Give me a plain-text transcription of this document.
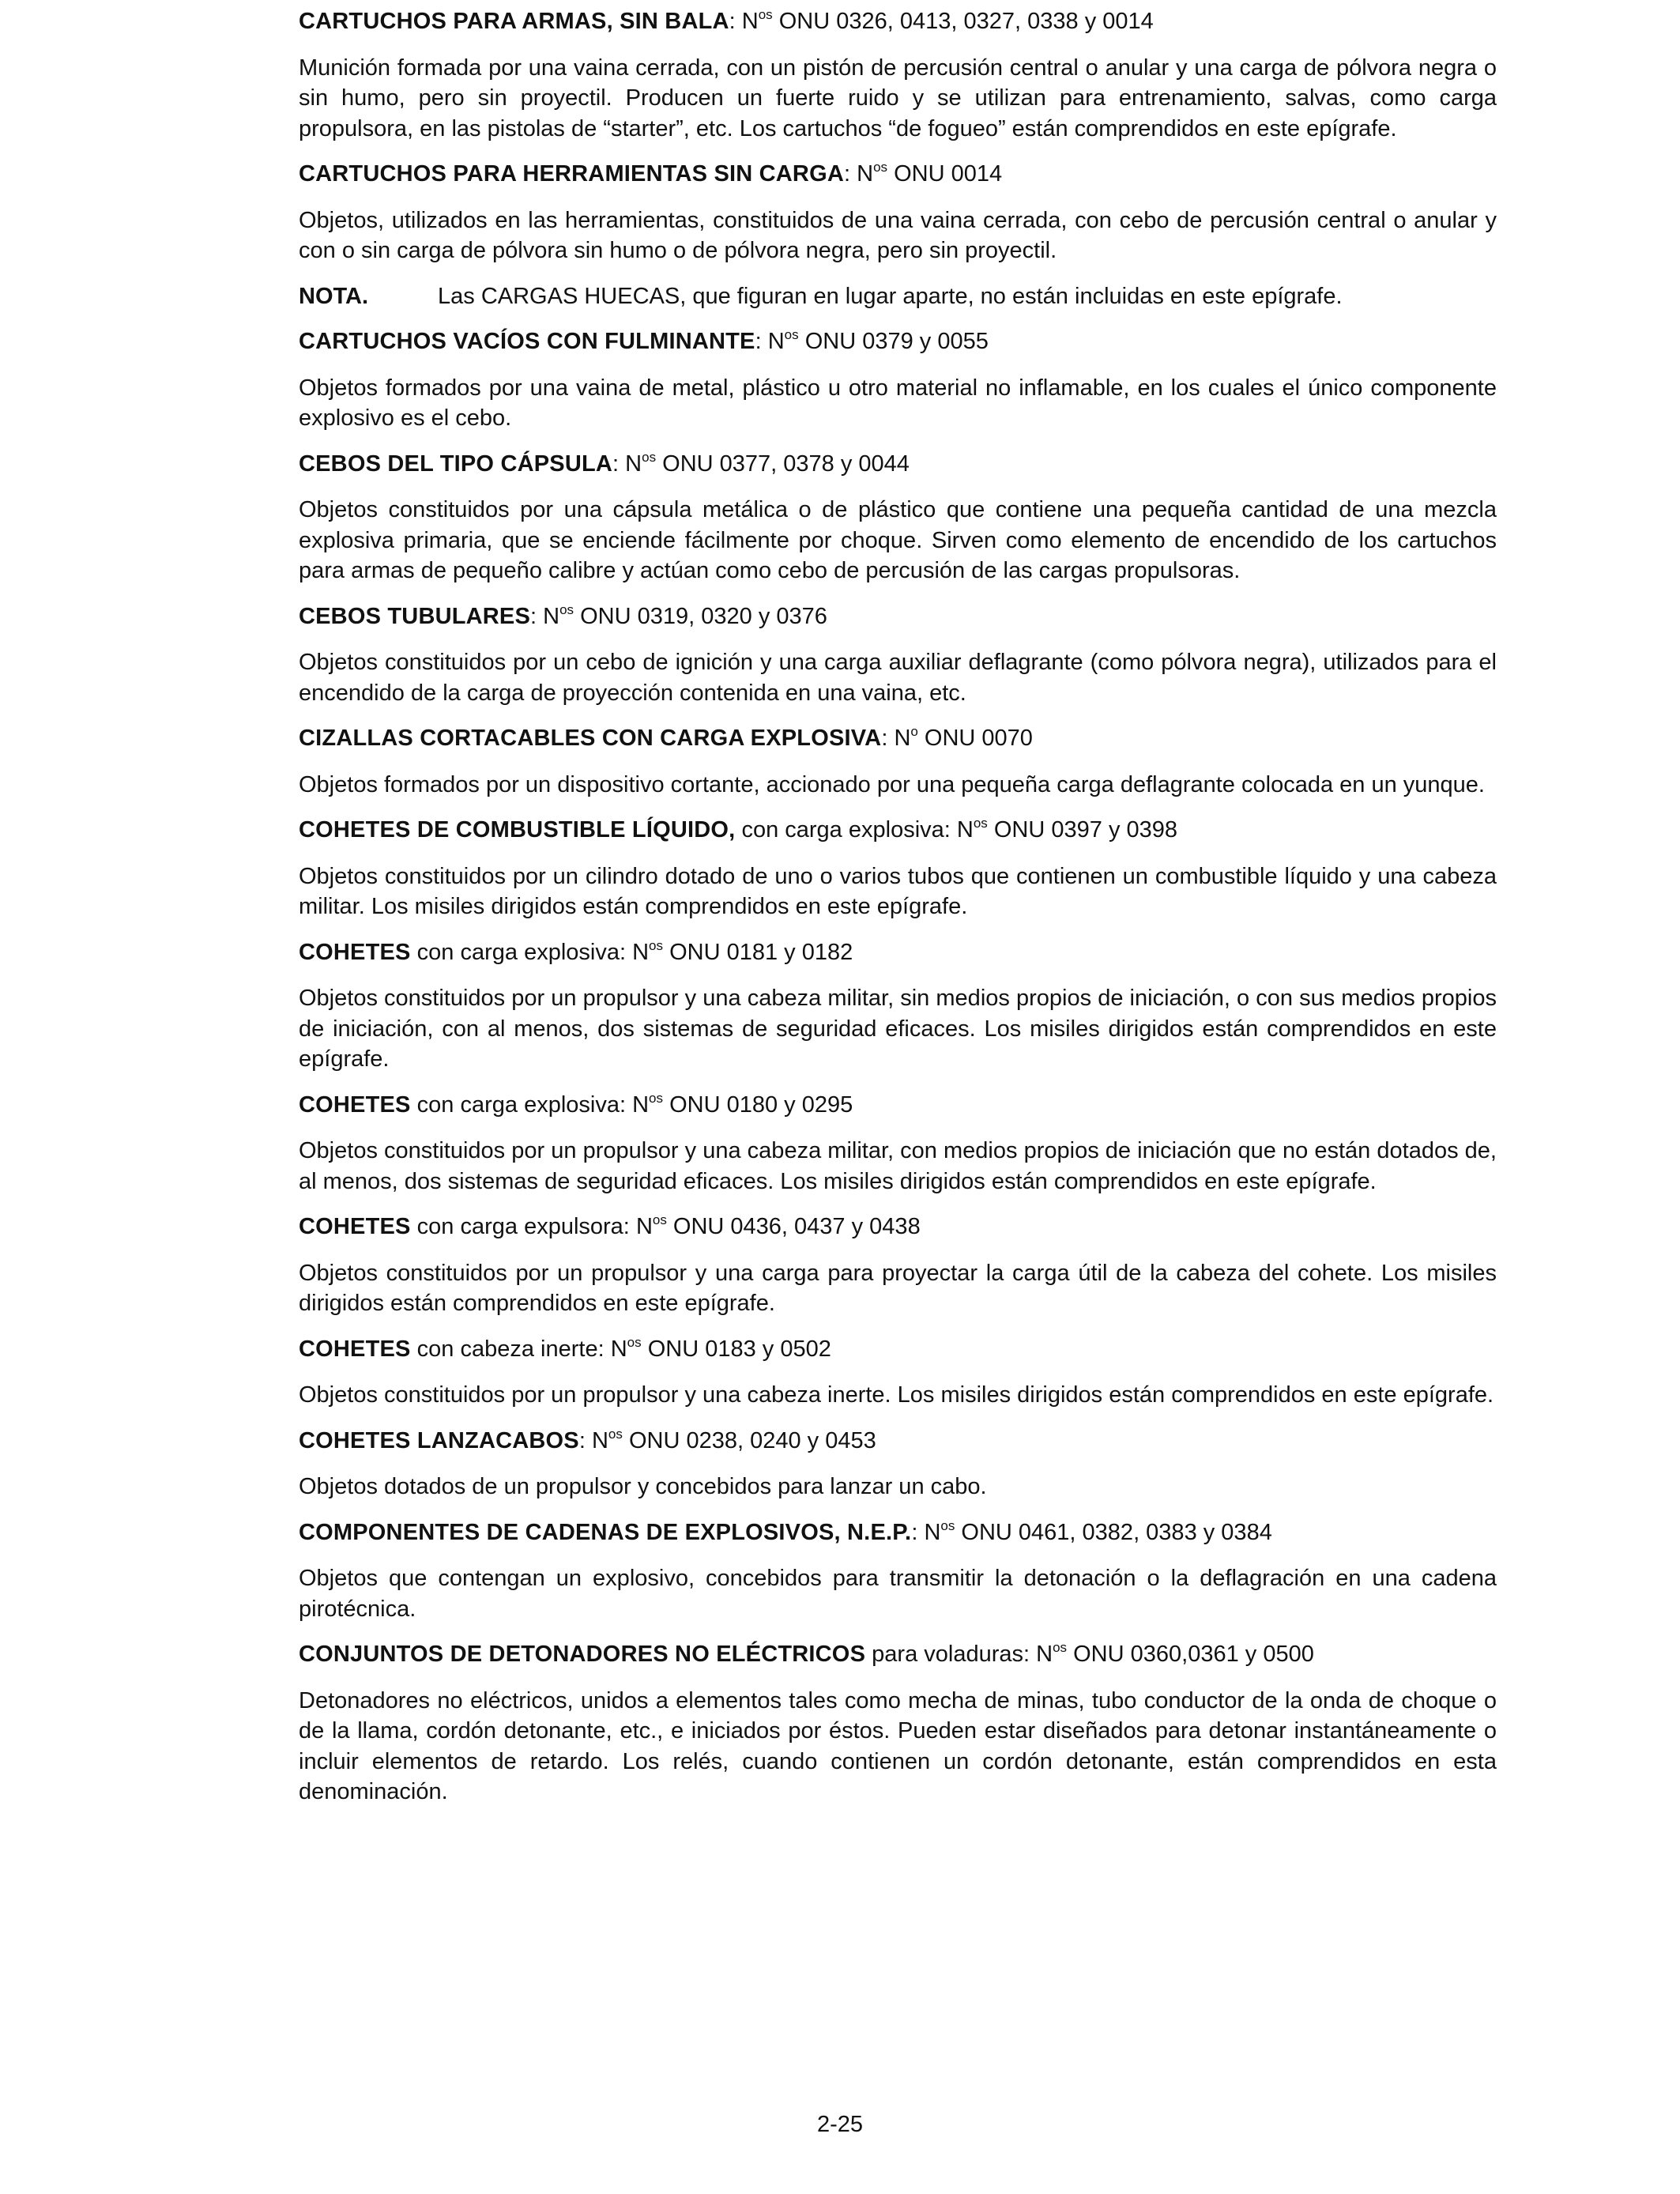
CARTUCHOS PARA ARMAS, SIN BALA: $N^{os}$ ONU 0326, 0413, 0327, 0338 y 0014

Munición formada por una vaina cerrada, con un pistón de percusión central o anular y una carga de pólvora negra o sin humo, pero sin proyectil. Producen un fuerte ruido y se utilizan para entrenamiento, salvas, como carga propulsora, en las pistolas de “starter”, etc. Los cartuchos “de fogueo” están comprendidos en este epígrafe.

CARTUCHOS PARA HERRAMIENTAS SIN CARGA: $N^{os}$ ONU 0014

Objetos, utilizados en las herramientas, constituidos de una vaina cerrada, con cebo de percusión central o anular y con o sin carga de pólvora sin humo o de pólvora negra, pero sin proyectil.

NOTA.	Las CARGAS HUECAS, que figuran en lugar aparte, no están incluidas en este epígrafe.

CARTUCHOS VACÍOS CON FULMINANTE: $N^{os}$ ONU 0379 y 0055

Objetos formados por una vaina de metal, plástico u otro material no inflamable, en los cuales el único componente explosivo es el cebo.

CEBOS DEL TIPO CÁPSULA: $N^{os}$ ONU 0377, 0378 y 0044

Objetos constituidos por una cápsula metálica o de plástico que contiene una pequeña cantidad de una mezcla explosiva primaria, que se enciende fácilmente por choque. Sirven como elemento de encendido de los cartuchos para armas de pequeño calibre y actúan como cebo de percusión de las cargas propulsoras.

CEBOS TUBULARES: $N^{os}$ ONU 0319, 0320 y 0376

Objetos constituidos por un cebo de ignición y una carga auxiliar deflagrante (como pólvora negra), utilizados para el encendido de la carga de proyección contenida en una vaina, etc.

CIZALLAS CORTACABLES CON CARGA EXPLOSIVA: $N^o$ ONU 0070

Objetos formados por un dispositivo cortante, accionado por una pequeña carga deflagrante colocada en un yunque.

COHETES DE COMBUSTIBLE LÍQUIDO, con carga explosiva: $N^{os}$ ONU 0397 y 0398

Objetos constituidos por un cilindro dotado de uno o varios tubos que contienen un combustible líquido y una cabeza militar. Los misiles dirigidos están comprendidos en este epígrafe.

COHETES con carga explosiva: $N^{os}$ ONU 0181 y 0182

Objetos constituidos por un propulsor y una cabeza militar, sin medios propios de iniciación, o con sus medios propios de iniciación, con al menos, dos sistemas de seguridad eficaces. Los misiles dirigidos están comprendidos en este epígrafe.

COHETES con carga explosiva: $N^{os}$ ONU 0180 y 0295

Objetos constituidos por un propulsor y una cabeza militar, con medios propios de iniciación que no están dotados de, al menos, dos sistemas de seguridad eficaces. Los misiles dirigidos están comprendidos en este epígrafe.

COHETES con carga expulsora: $N^{os}$ ONU 0436, 0437 y 0438

Objetos constituidos por un propulsor y una carga para proyectar la carga útil de la cabeza del cohete. Los misiles dirigidos están comprendidos en este epígrafe.

COHETES con cabeza inerte: $N^{os}$ ONU 0183 y 0502

Objetos constituidos por un propulsor y una cabeza inerte. Los misiles dirigidos están comprendidos en este epígrafe.

COHETES LANZACABOS: $N^{os}$ ONU 0238, 0240 y 0453

Objetos dotados de un propulsor y concebidos para lanzar un cabo.

COMPONENTES DE CADENAS DE EXPLOSIVOS, N.E.P.: $N^{os}$ ONU 0461, 0382, 0383 y 0384

Objetos que contengan un explosivo, concebidos para transmitir la detonación o la deflagración en una cadena pirotécnica.

CONJUNTOS DE DETONADORES NO ELÉCTRICOS para voladuras: $N^{os}$ ONU 0360,0361 y 0500

Detonadores no eléctricos, unidos a elementos tales como mecha de minas, tubo conductor de la onda de choque o de la llama, cordón detonante, etc., e iniciados por éstos. Pueden estar diseñados para detonar instantáneamente o incluir elementos de retardo. Los relés, cuando contienen un cordón detonante, están comprendidos en esta denominación.

2-25
